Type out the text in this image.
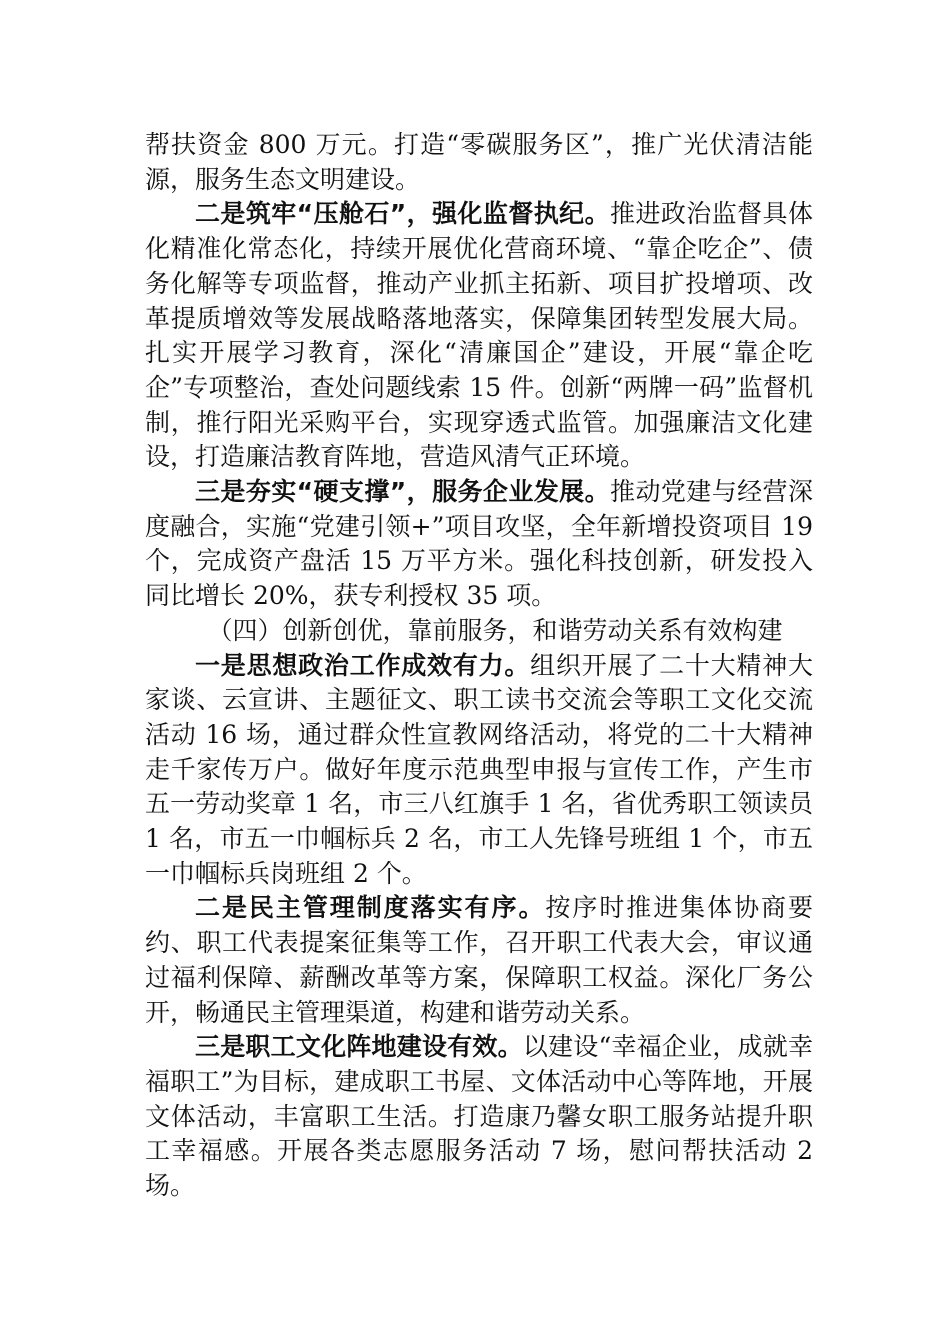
帮扶资金 800 万元。打造“零碳服务区”，推广光伏清洁能源，服务生态文明建设。

二是筑牢“压舱石”，强化监督执纪。推进政治监督具体化精准化常态化，持续开展优化营商环境、“靠企吃企”、债务化解等专项监督，推动产业抓主拓新、项目扩投增项、改革提质增效等发展战略落地落实，保障集团转型发展大局。扎实开展学习教育，深化“清廉国企”建设，开展“靠企吃企”专项整治，查处问题线索 15 件。创新“两牌一码”监督机制，推行阳光采购平台，实现穿透式监管。加强廉洁文化建设，打造廉洁教育阵地，营造风清气正环境。

三是夯实“硬支撑”，服务企业发展。推动党建与经营深度融合，实施“党建引领+”项目攻坚，全年新增投资项目 19 个，完成资产盘活 15 万平方米。强化科技创新，研发投入同比增长 20%，获专利授权 35 项。

（四）创新创优，靠前服务，和谐劳动关系有效构建

一是思想政治工作成效有力。组织开展了二十大精神大家谈、云宣讲、主题征文、职工读书交流会等职工文化交流活动 16 场，通过群众性宣教网络活动，将党的二十大精神走千家传万户。做好年度示范典型申报与宣传工作，产生市五一劳动奖章 1 名，市三八红旗手 1 名，省优秀职工领读员 1 名，市五一巾帼标兵 2 名，市工人先锋号班组 1 个，市五一巾帼标兵岗班组 2 个。

二是民主管理制度落实有序。按序时推进集体协商要约、职工代表提案征集等工作，召开职工代表大会，审议通过福利保障、薪酬改革等方案，保障职工权益。深化厂务公开，畅通民主管理渠道，构建和谐劳动关系。

三是职工文化阵地建设有效。以建设“幸福企业，成就幸福职工”为目标，建成职工书屋、文体活动中心等阵地，开展文体活动，丰富职工生活。打造康乃馨女职工服务站提升职工幸福感。开展各类志愿服务活动 7 场，慰问帮扶活动 2 场。
